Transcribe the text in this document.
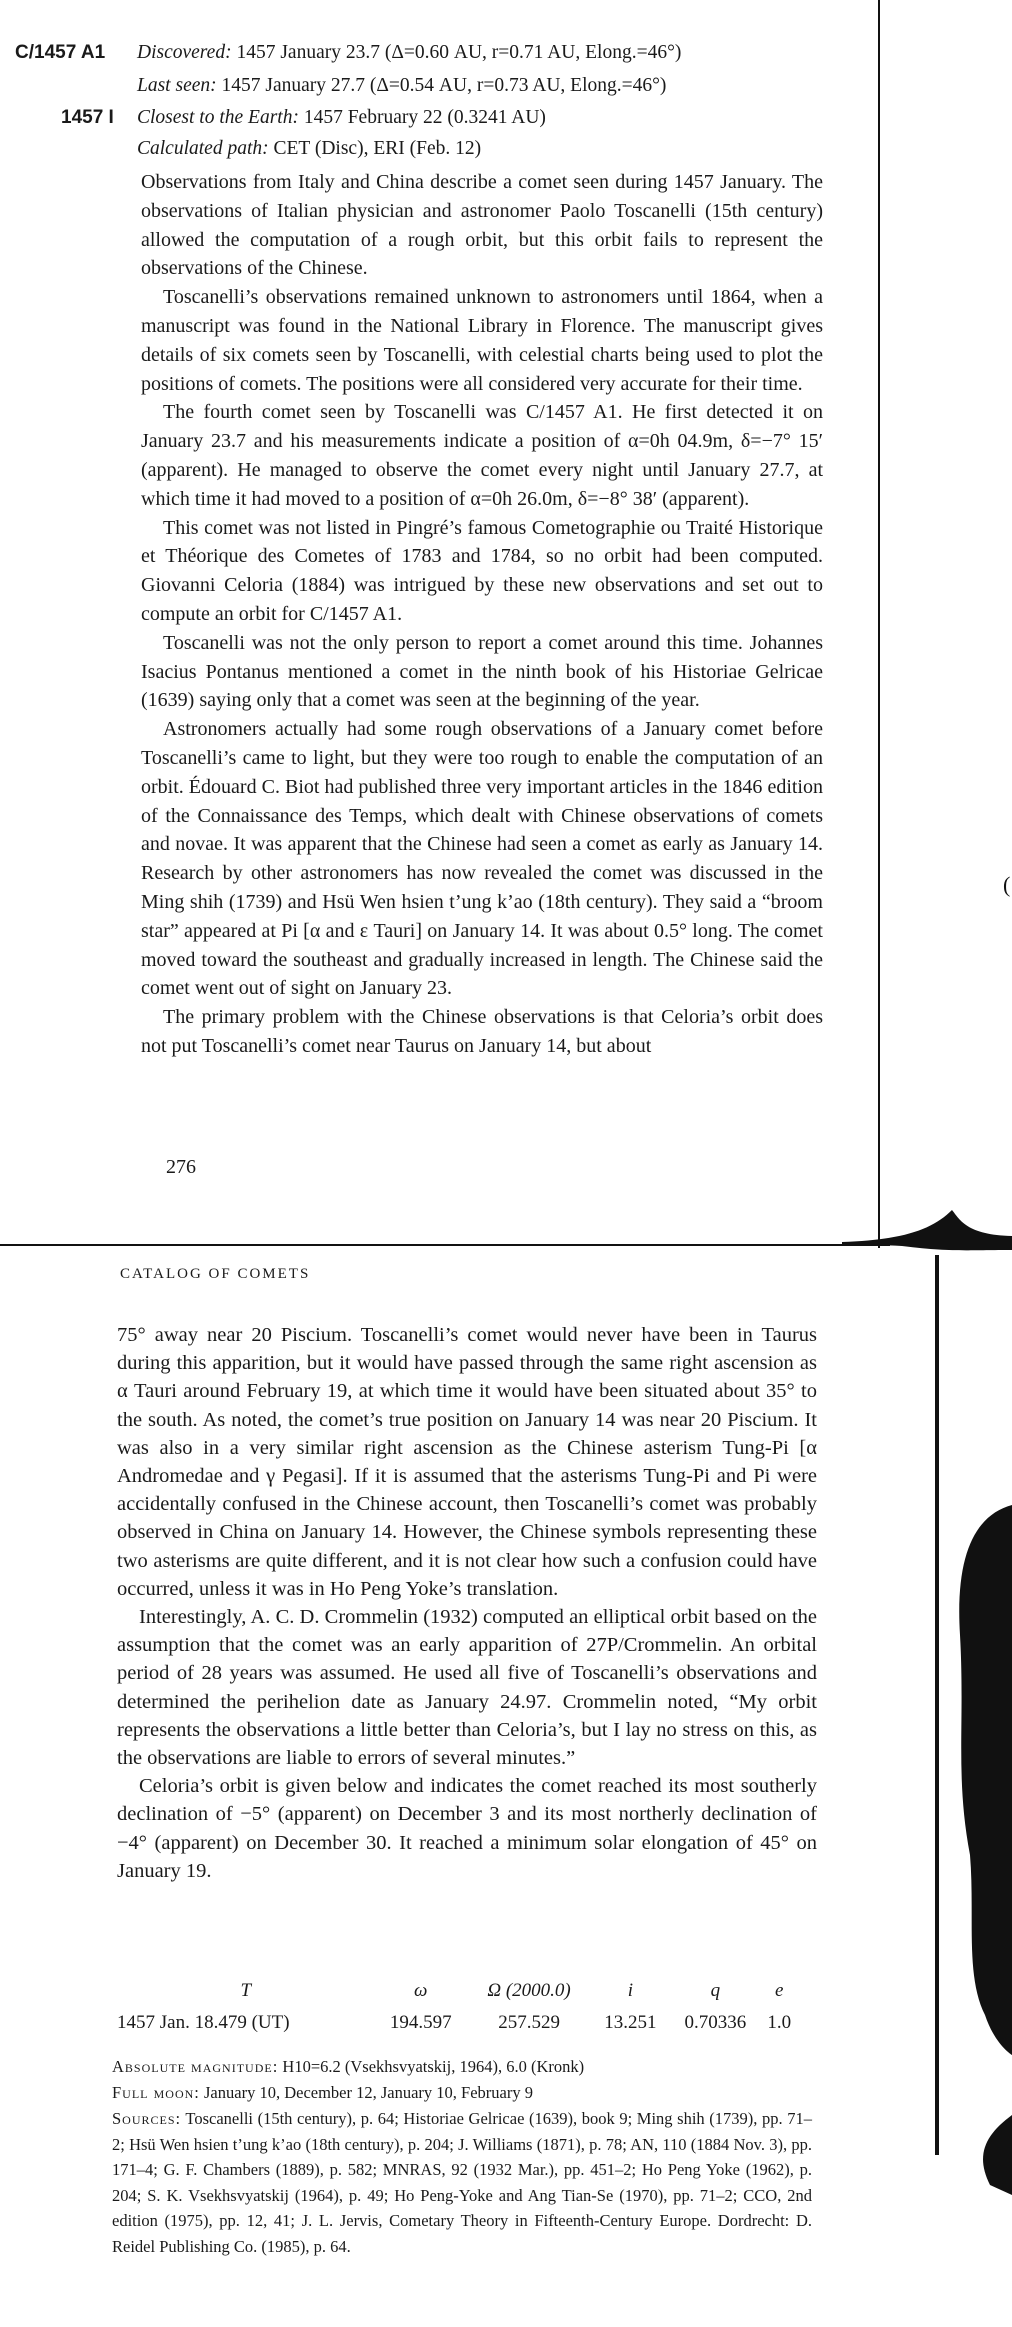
(
C/1457 A1
1457 I
Discovered: 1457 January 23.7 (Δ=0.60 AU, r=0.71 AU, Elong.=46°)
Last seen: 1457 January 27.7 (Δ=0.54 AU, r=0.73 AU, Elong.=46°)
Closest to the Earth: 1457 February 22 (0.3241 AU)
Calculated path: CET (Disc), ERI (Feb. 12)

Observations from Italy and China describe a comet seen during 1457 January. The observations of Italian physician and astronomer Paolo Toscanelli (15th century) allowed the computation of a rough orbit, but this orbit fails to represent the observations of the Chinese.

Toscanelli’s observations remained unknown to astronomers until 1864, when a manuscript was found in the National Library in Florence. The manuscript gives details of six comets seen by Toscanelli, with celestial charts being used to plot the positions of comets. The positions were all considered very accurate for their time.

The fourth comet seen by Toscanelli was C/1457 A1. He first detected it on January 23.7 and his measurements indicate a position of α=0h 04.9m, δ=−7° 15′ (apparent). He managed to observe the comet every night until January 27.7, at which time it had moved to a position of α=0h 26.0m, δ=−8° 38′ (apparent).

This comet was not listed in Pingré’s famous Cometographie ou Traité Historique et Théorique des Cometes of 1783 and 1784, so no orbit had been computed. Giovanni Celoria (1884) was intrigued by these new observations and set out to compute an orbit for C/1457 A1.

Toscanelli was not the only person to report a comet around this time. Johannes Isacius Pontanus mentioned a comet in the ninth book of his Historiae Gelricae (1639) saying only that a comet was seen at the beginning of the year.

Astronomers actually had some rough observations of a January comet before Toscanelli’s came to light, but they were too rough to enable the computation of an orbit. Édouard C. Biot had published three very important articles in the 1846 edition of the Connaissance des Temps, which dealt with Chinese observations of comets and novae. It was apparent that the Chinese had seen a comet as early as January 14. Research by other astronomers has now revealed the comet was discussed in the Ming shih (1739) and Hsü Wen hsien t’ung k’ao (18th century). They said a “broom star” appeared at Pi [α and ε Tauri] on January 14. It was about 0.5° long. The comet moved toward the southeast and gradually increased in length. The Chinese said the comet went out of sight on January 23.

The primary problem with the Chinese observations is that Celoria’s orbit does not put Toscanelli’s comet near Taurus on January 14, but about

276
CATALOG OF COMETS

75° away near 20 Piscium. Toscanelli’s comet would never have been in Taurus during this apparition, but it would have passed through the same right ascension as α Tauri around February 19, at which time it would have been situated about 35° to the south. As noted, the comet’s true position on January 14 was near 20 Piscium. It was also in a very similar right ascension as the Chinese asterism Tung-Pi [α Andromedae and γ Pegasi]. If it is assumed that the asterisms Tung-Pi and Pi were accidentally confused in the Chinese account, then Toscanelli’s comet was probably observed in China on January 14. However, the Chinese symbols representing these two asterisms are quite different, and it is not clear how such a confusion could have occurred, unless it was in Ho Peng Yoke’s translation.

Interestingly, A. C. D. Crommelin (1932) computed an elliptical orbit based on the assumption that the comet was an early apparition of 27P/Crommelin. An orbital period of 28 years was assumed. He used all five of Toscanelli’s observations and determined the perihelion date as January 24.97. Crommelin noted, “My orbit represents the observations a little better than Celoria’s, but I lay no stress on this, as the observations are liable to errors of several minutes.”

Celoria’s orbit is given below and indicates the comet reached its most southerly declination of −5° (apparent) on December 3 and its most northerly declination of −4° (apparent) on December 30. It reached a minimum solar elongation of 45° on January 19.

T	ω	Ω (2000.0)	i	q	e
1457 Jan. 18.479 (UT)	194.597	257.529	13.251	0.70336	1.0
Absolute magnitude: H10=6.2 (Vsekhsvyatskij, 1964), 6.0 (Kronk)
Full moon: January 10, December 12, January 10, February 9
Sources: Toscanelli (15th century), p. 64; Historiae Gelricae (1639), book 9; Ming shih (1739), pp. 71–2; Hsü Wen hsien t’ung k’ao (18th century), p. 204; J. Williams (1871), p. 78; AN, 110 (1884 Nov. 3), pp. 171–4; G. F. Chambers (1889), p. 582; MNRAS, 92 (1932 Mar.), pp. 451–2; Ho Peng Yoke (1962), p. 204; S. K. Vsekhsvyatskij (1964), p. 49; Ho Peng-Yoke and Ang Tian-Se (1970), pp. 71–2; CCO, 2nd edition (1975), pp. 12, 41; J. L. Jervis, Cometary Theory in Fifteenth-Century Europe. Dordrecht: D. Reidel Publishing Co. (1985), p. 64.
